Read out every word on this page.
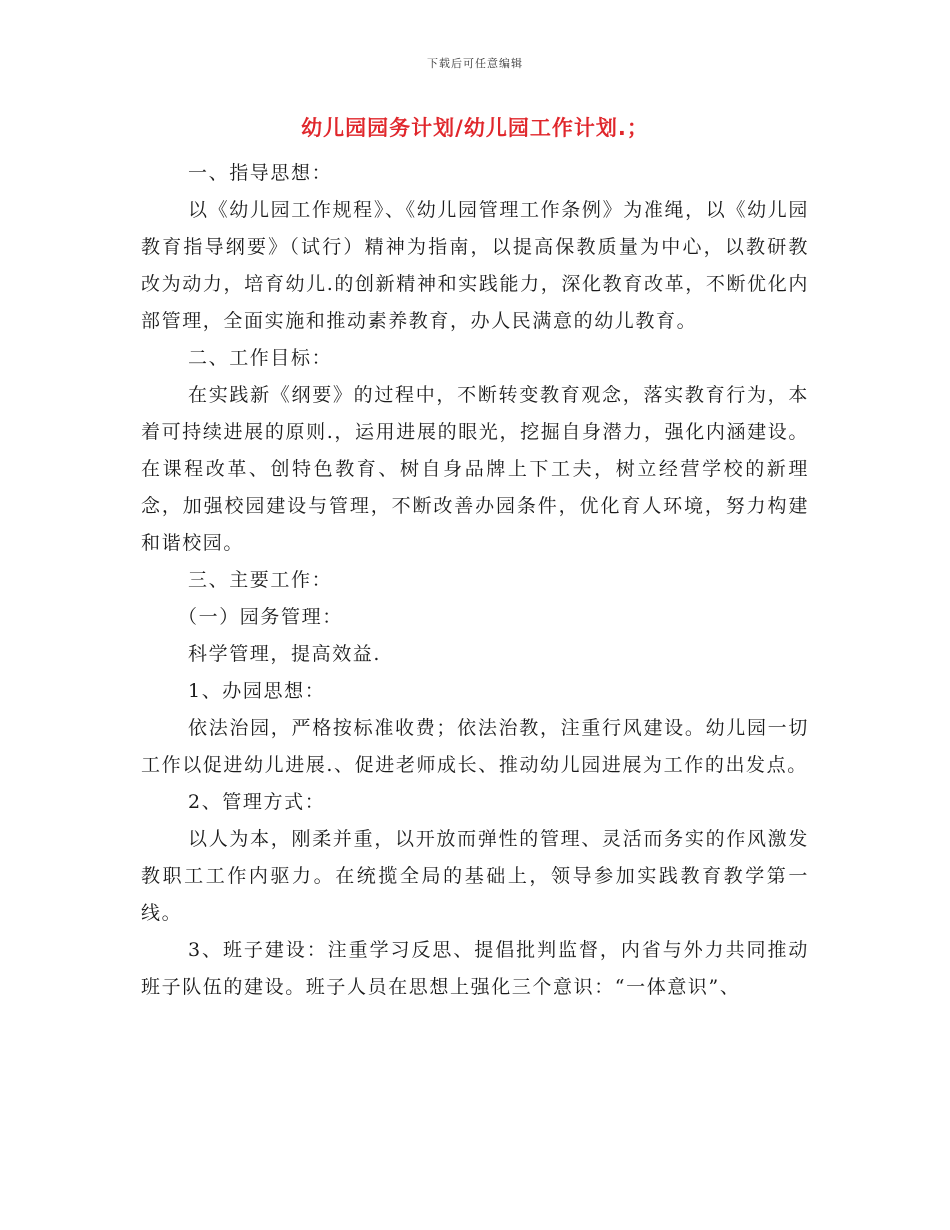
下载后可任意编辑
幼儿园园务计划/幼儿园工作计划.；

一、指导思想：

以《幼儿园工作规程》、《幼儿园管理工作条例》为准绳，以《幼儿园教育指导纲要》（试行）精神为指南，以提高保教质量为中心，以教研教改为动力，培育幼儿.的创新精神和实践能力，深化教育改革，不断优化内部管理，全面实施和推动素养教育，办人民满意的幼儿教育。

二、工作目标：

在实践新《纲要》的过程中，不断转变教育观念，落实教育行为，本着可持续进展的原则.，运用进展的眼光，挖掘自身潜力，强化内涵建设。在课程改革、创特色教育、树自身品牌上下工夫，树立经营学校的新理念，加强校园建设与管理，不断改善办园条件，优化育人环境，努力构建和谐校园。

三、主要工作：

（一）园务管理：

科学管理，提高效益.

1、办园思想：

依法治园，严格按标准收费；依法治教，注重行风建设。幼儿园一切工作以促进幼儿进展.、促进老师成长、推动幼儿园进展为工作的出发点。

2、管理方式：

以人为本，刚柔并重，以开放而弹性的管理、灵活而务实的作风激发教职工工作内驱力。在统揽全局的基础上，领导参加实践教育教学第一线。

3、班子建设：注重学习反思、提倡批判监督，内省与外力共同推动班子队伍的建设。班子人员在思想上强化三个意识：“一体意识”、
